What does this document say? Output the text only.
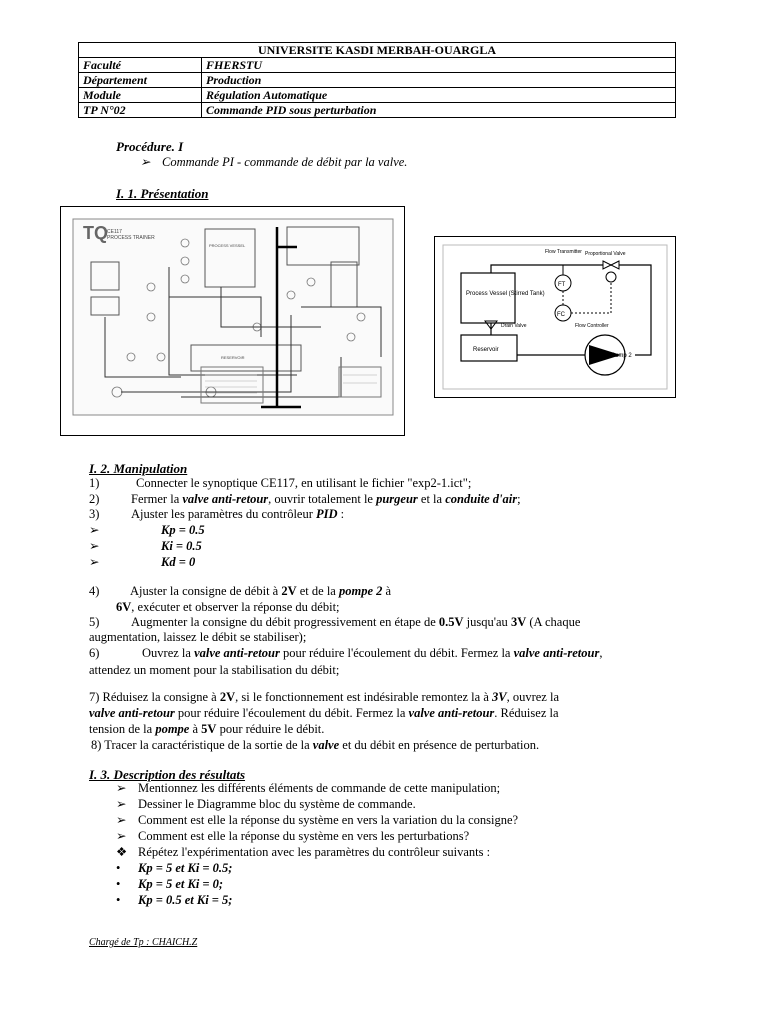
UNIVERSITE KASDI MERBAH-OUARGLA	
Faculté	FHERSTU
Département	Production
Module	Régulation Automatique
TP N°02	Commande PID sous perturbation
Procédure. I
➢ Commande PI - commande de débit par la valve.
I. 1. Présentation
TQ CE117
PROCESS TRAINER
PROCESS VESSEL
RESERVOIR
Process Vessel (Stirred Tank)
Reservoir
Drain Valve
FT
FC
Flow Transmitter Proportional Valve
Flow Controller
Pump 2
I. 2. Manipulation
1)	Connecter le synoptique CE117, en utilisant le fichier "exp2-1.ict";
2)	Fermer la valve anti-retour, ouvrir totalement le purgeur et la conduite d'air;
3)	Ajuster les paramètres du contrôleur PID :
➢	Kp = 0.5
➢	Ki = 0.5
➢	Kd = 0
4) Ajuster la consigne de débit à 2V et de la pompe 2 à
6V, exécuter et observer la réponse du débit;
5)	Augmenter la consigne du débit progressivement en étape de 0.5V jusqu'au 3V (A chaque
augmentation, laissez le débit se stabiliser);
6)	Ouvrez la valve anti-retour pour réduire l'écoulement du débit. Fermez la valve anti-retour,
attendez un moment pour la stabilisation du débit;
7) Réduisez la consigne à 2V, si le fonctionnement est indésirable remontez la à 3V, ouvrez la
valve anti-retour pour réduire l'écoulement du débit. Fermez la valve anti-retour. Réduisez la
tension de la pompe à 5V pour réduire le débit.
8) Tracer la caractéristique de la sortie de la valve et du débit en présence de perturbation.
I. 3. Description des résultats
➢ Mentionnez les différents éléments de commande de cette manipulation;
➢ Dessiner le Diagramme bloc du système de commande.
➢ Comment est elle la réponse du système en vers la variation du la consigne?
➢ Comment est elle la réponse du système en vers les perturbations?
❖ Répétez l'expérimentation avec les paramètres du contrôleur suivants :
• Kp = 5 et Ki = 0.5;
• Kp = 5 et Ki = 0;
• Kp = 0.5 et Ki = 5;
Chargé de Tp : CHAICH.Z
